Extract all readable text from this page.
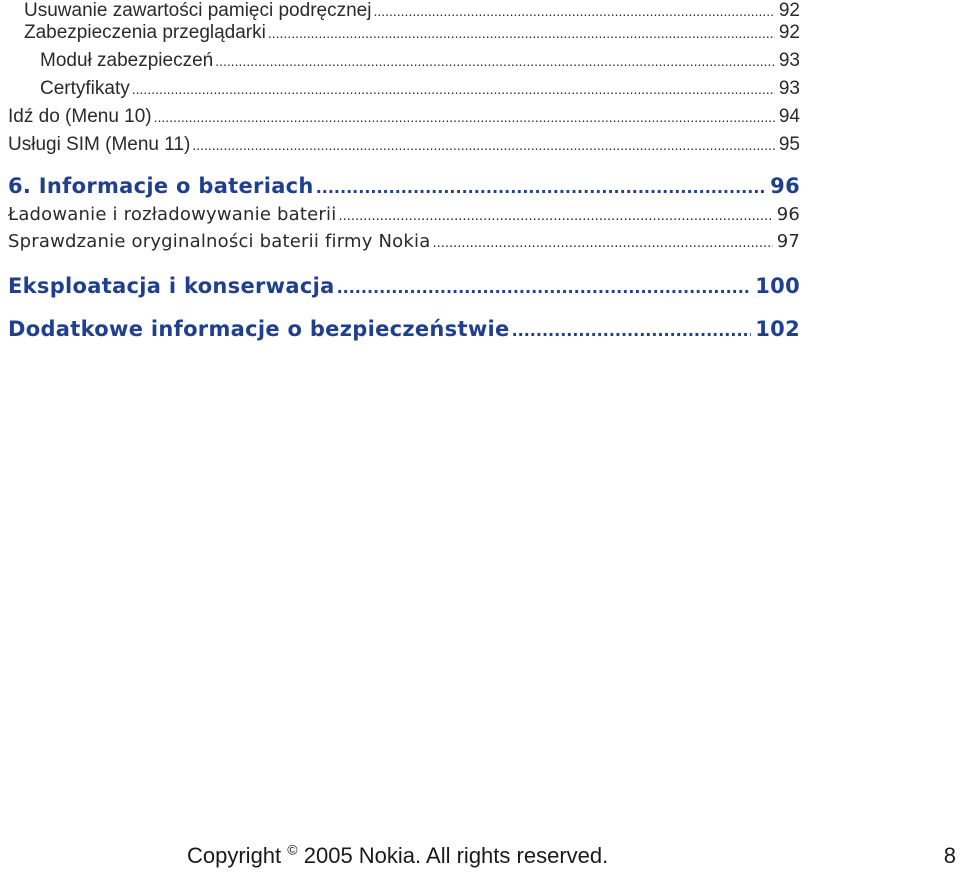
Usuwanie zawartości pamięci podręcznej .....	92
Zabezpieczenia przeglądarki .....	92
Moduł zabezpieczeń .....	93
Certyfikaty .....	93
Idź do (Menu 10) .....	94
Usługi SIM (Menu 11) .....	95
6. Informacje o bateriach .....	96
Ładowanie i rozładowywanie baterii .....	96
Sprawdzanie oryginalności baterii firmy Nokia .....	97
Eksploatacja i konserwacja .....	100
Dodatkowe informacje o bezpieczeństwie .....	102
Copyright © 2005 Nokia. All rights reserved.	8
